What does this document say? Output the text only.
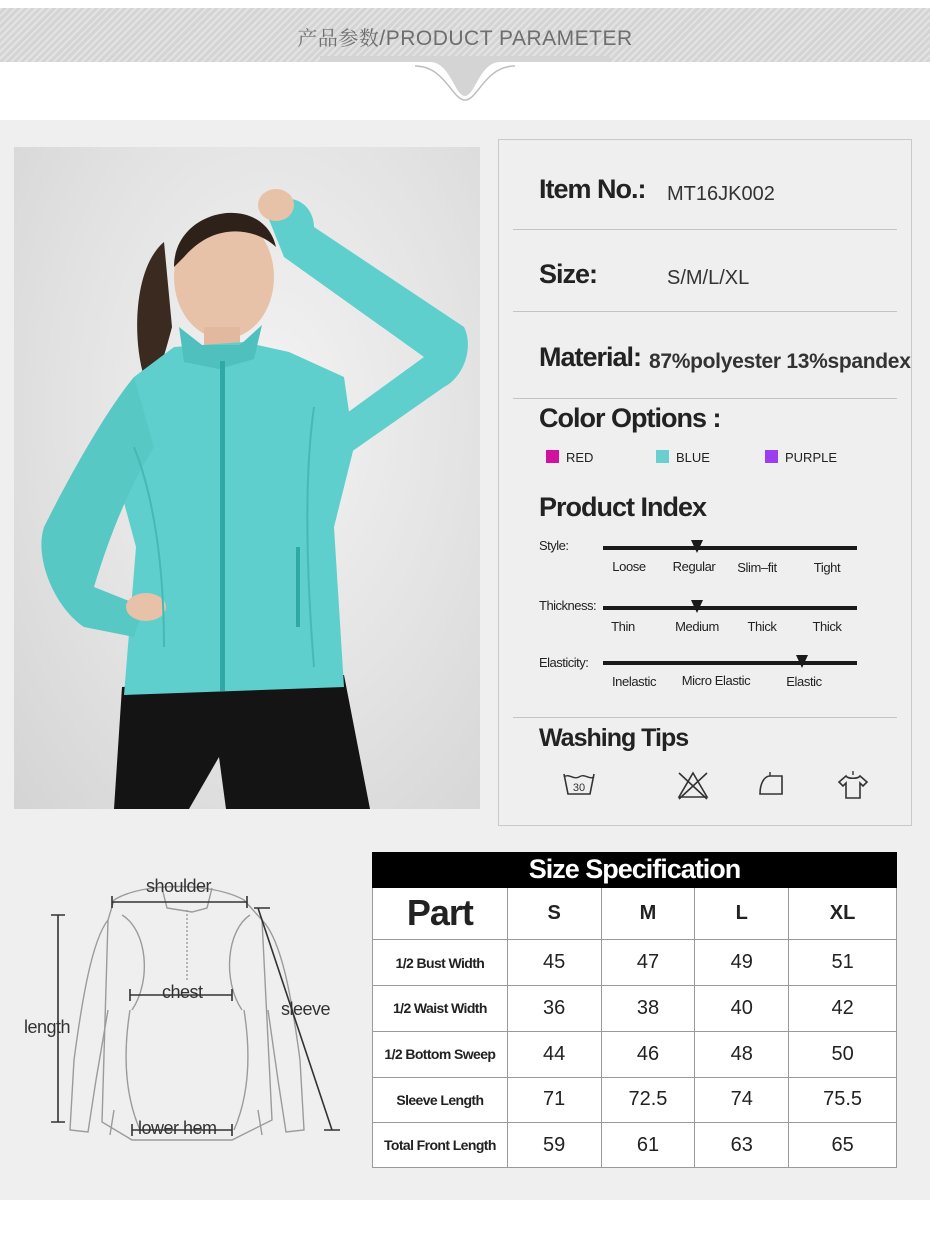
产品参数/PRODUCT PARAMETER
Item No.: MT16JK002
Size:	S/M/L/XL
Material: 87%polyester 13%spandex
Color Options :
RED	BLUE	PURPLE
Product Index
Style:
Loose	Regular	Slim–fit	Tight
Thickness:
Thin	Medium	Thick	Thick
Elasticity:
Inelastic	Micro Elastic	Elastic
Washing Tips
30
shoulder
chest
length
sleeve
lower hem
Size Specification				
Part	S	M	L	XL
1/2 Bust Width	45	47	49	51
1/2 Waist Width	36	38	40	42
1/2 Bottom Sweep	44	46	48	50
Sleeve Length	71	72.5	74	75.5
Total Front Length	59	61	63	65
